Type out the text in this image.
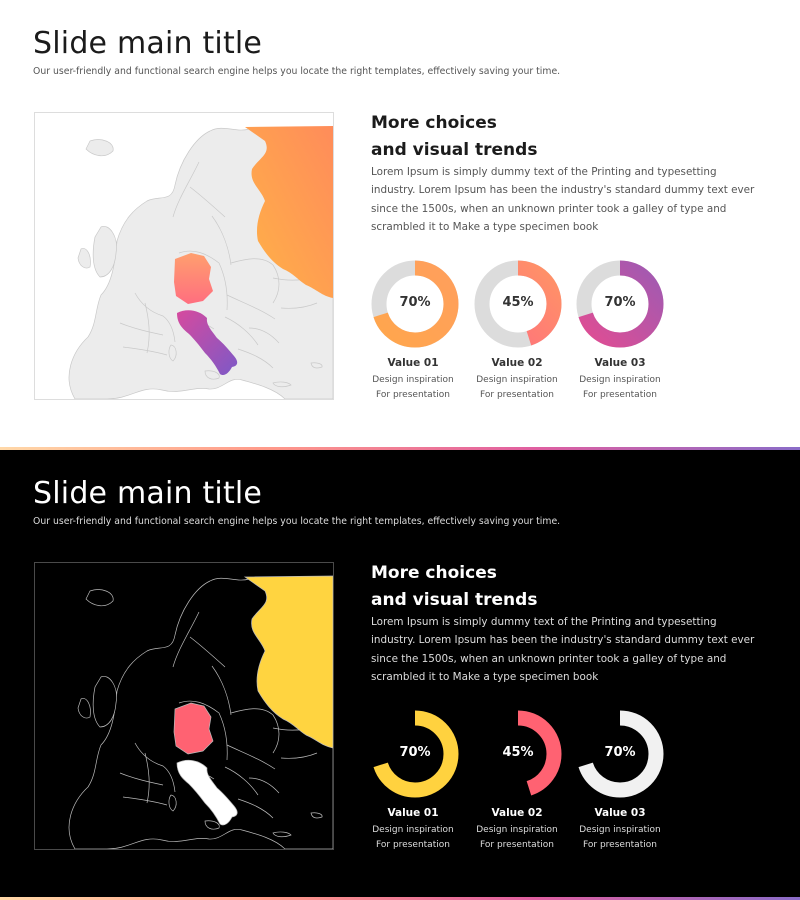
Slide main title
Our user-friendly and functional search engine helps you locate the right templates, effectively saving your time.
More choices
and visual trends
Lorem Ipsum is simply dummy text of the Printing and typesetting industry. Lorem Ipsum has been the industry's standard dummy text ever since the 1500s, when an unknown printer took a galley of type and scrambled it to Make a type specimen book
70%
Value 01
Design inspiration
For presentation
45%
Value 02
Design inspiration
For presentation
70%
Value 03
Design inspiration
For presentation
Slide main title
Our user-friendly and functional search engine helps you locate the right templates, effectively saving your time.
More choices
and visual trends
Lorem Ipsum is simply dummy text of the Printing and typesetting industry. Lorem Ipsum has been the industry's standard dummy text ever since the 1500s, when an unknown printer took a galley of type and scrambled it to Make a type specimen book
70%
Value 01
Design inspiration
For presentation
45%
Value 02
Design inspiration
For presentation
70%
Value 03
Design inspiration
For presentation
